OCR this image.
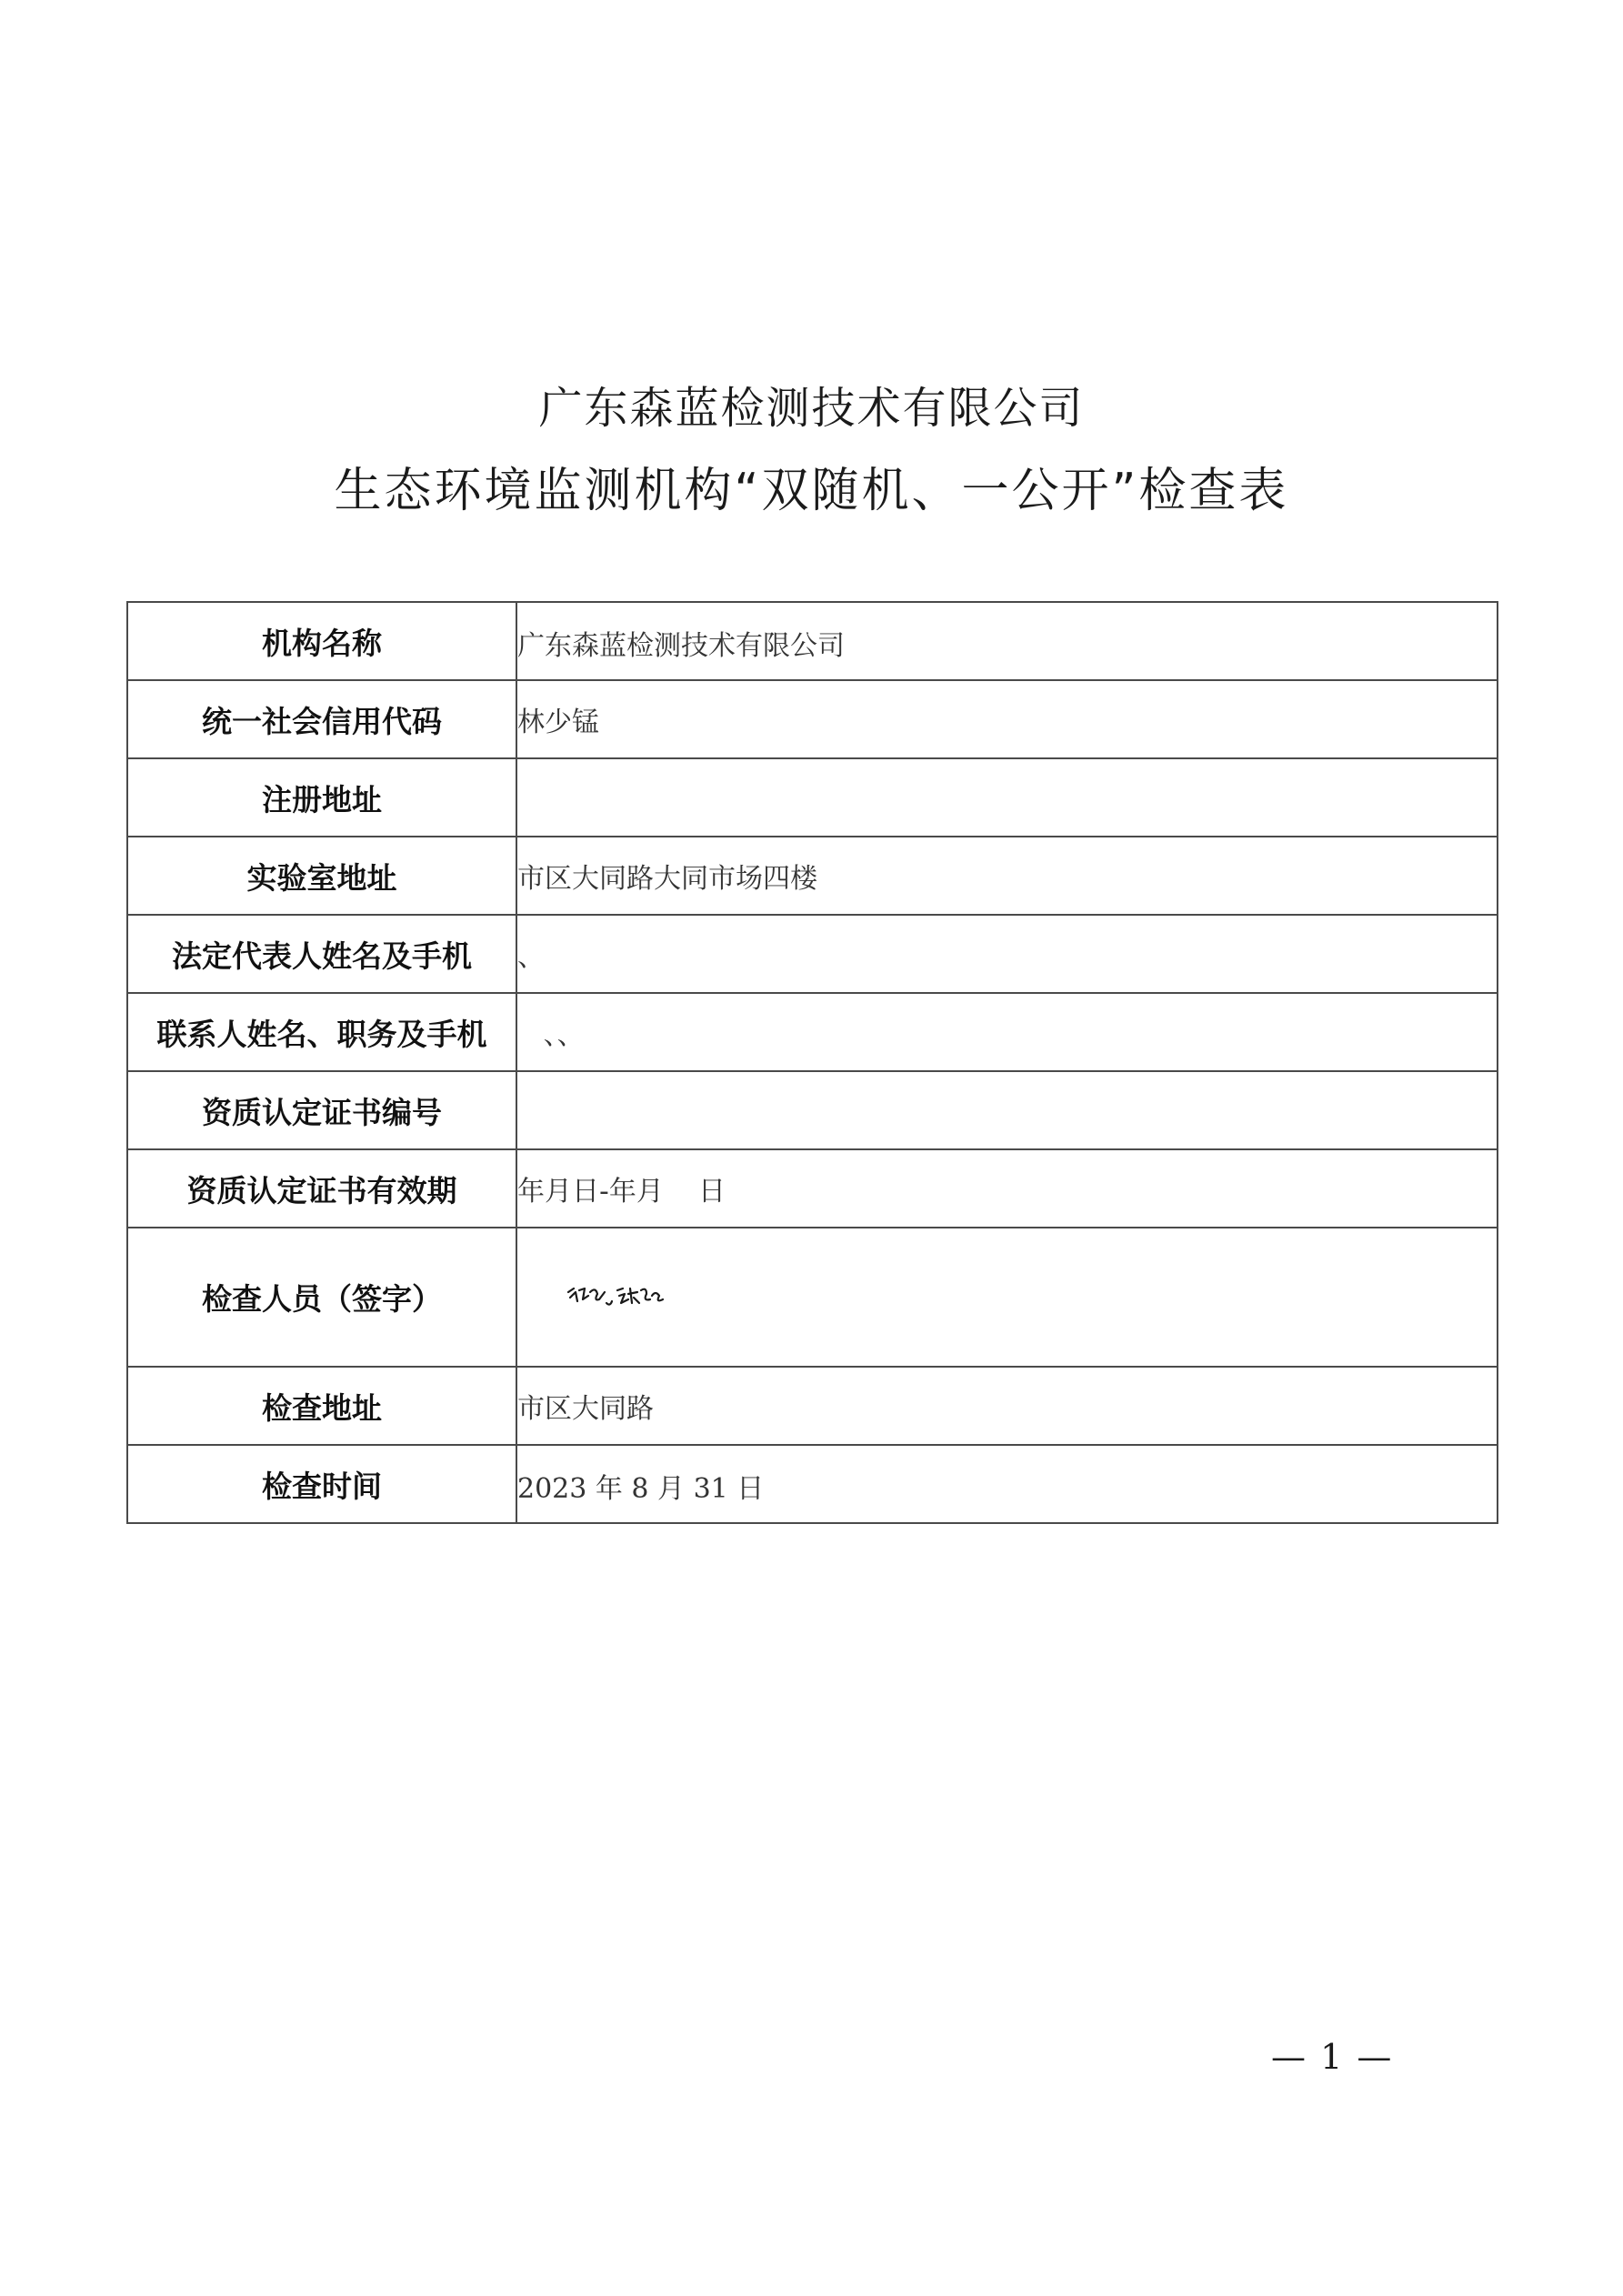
广东森蓝检测技术有限公司
生态环境监测机构“双随机、一公开”检查表
机构名称	广东森蓝检测技术有限公司
统一社会信用代码	林少锰
注册地址	
实验室地址	市区大同路大同市场四楼
法定代表人姓名及手机	、
联系人姓名、职务及手机	、、
资质认定证书编号	
资质认定证书有效期	年月日-年月    日
检查人员（签字）	
检查地址	市区大同路
检查时间	2023 年 8 月 31 日
— 1 —
